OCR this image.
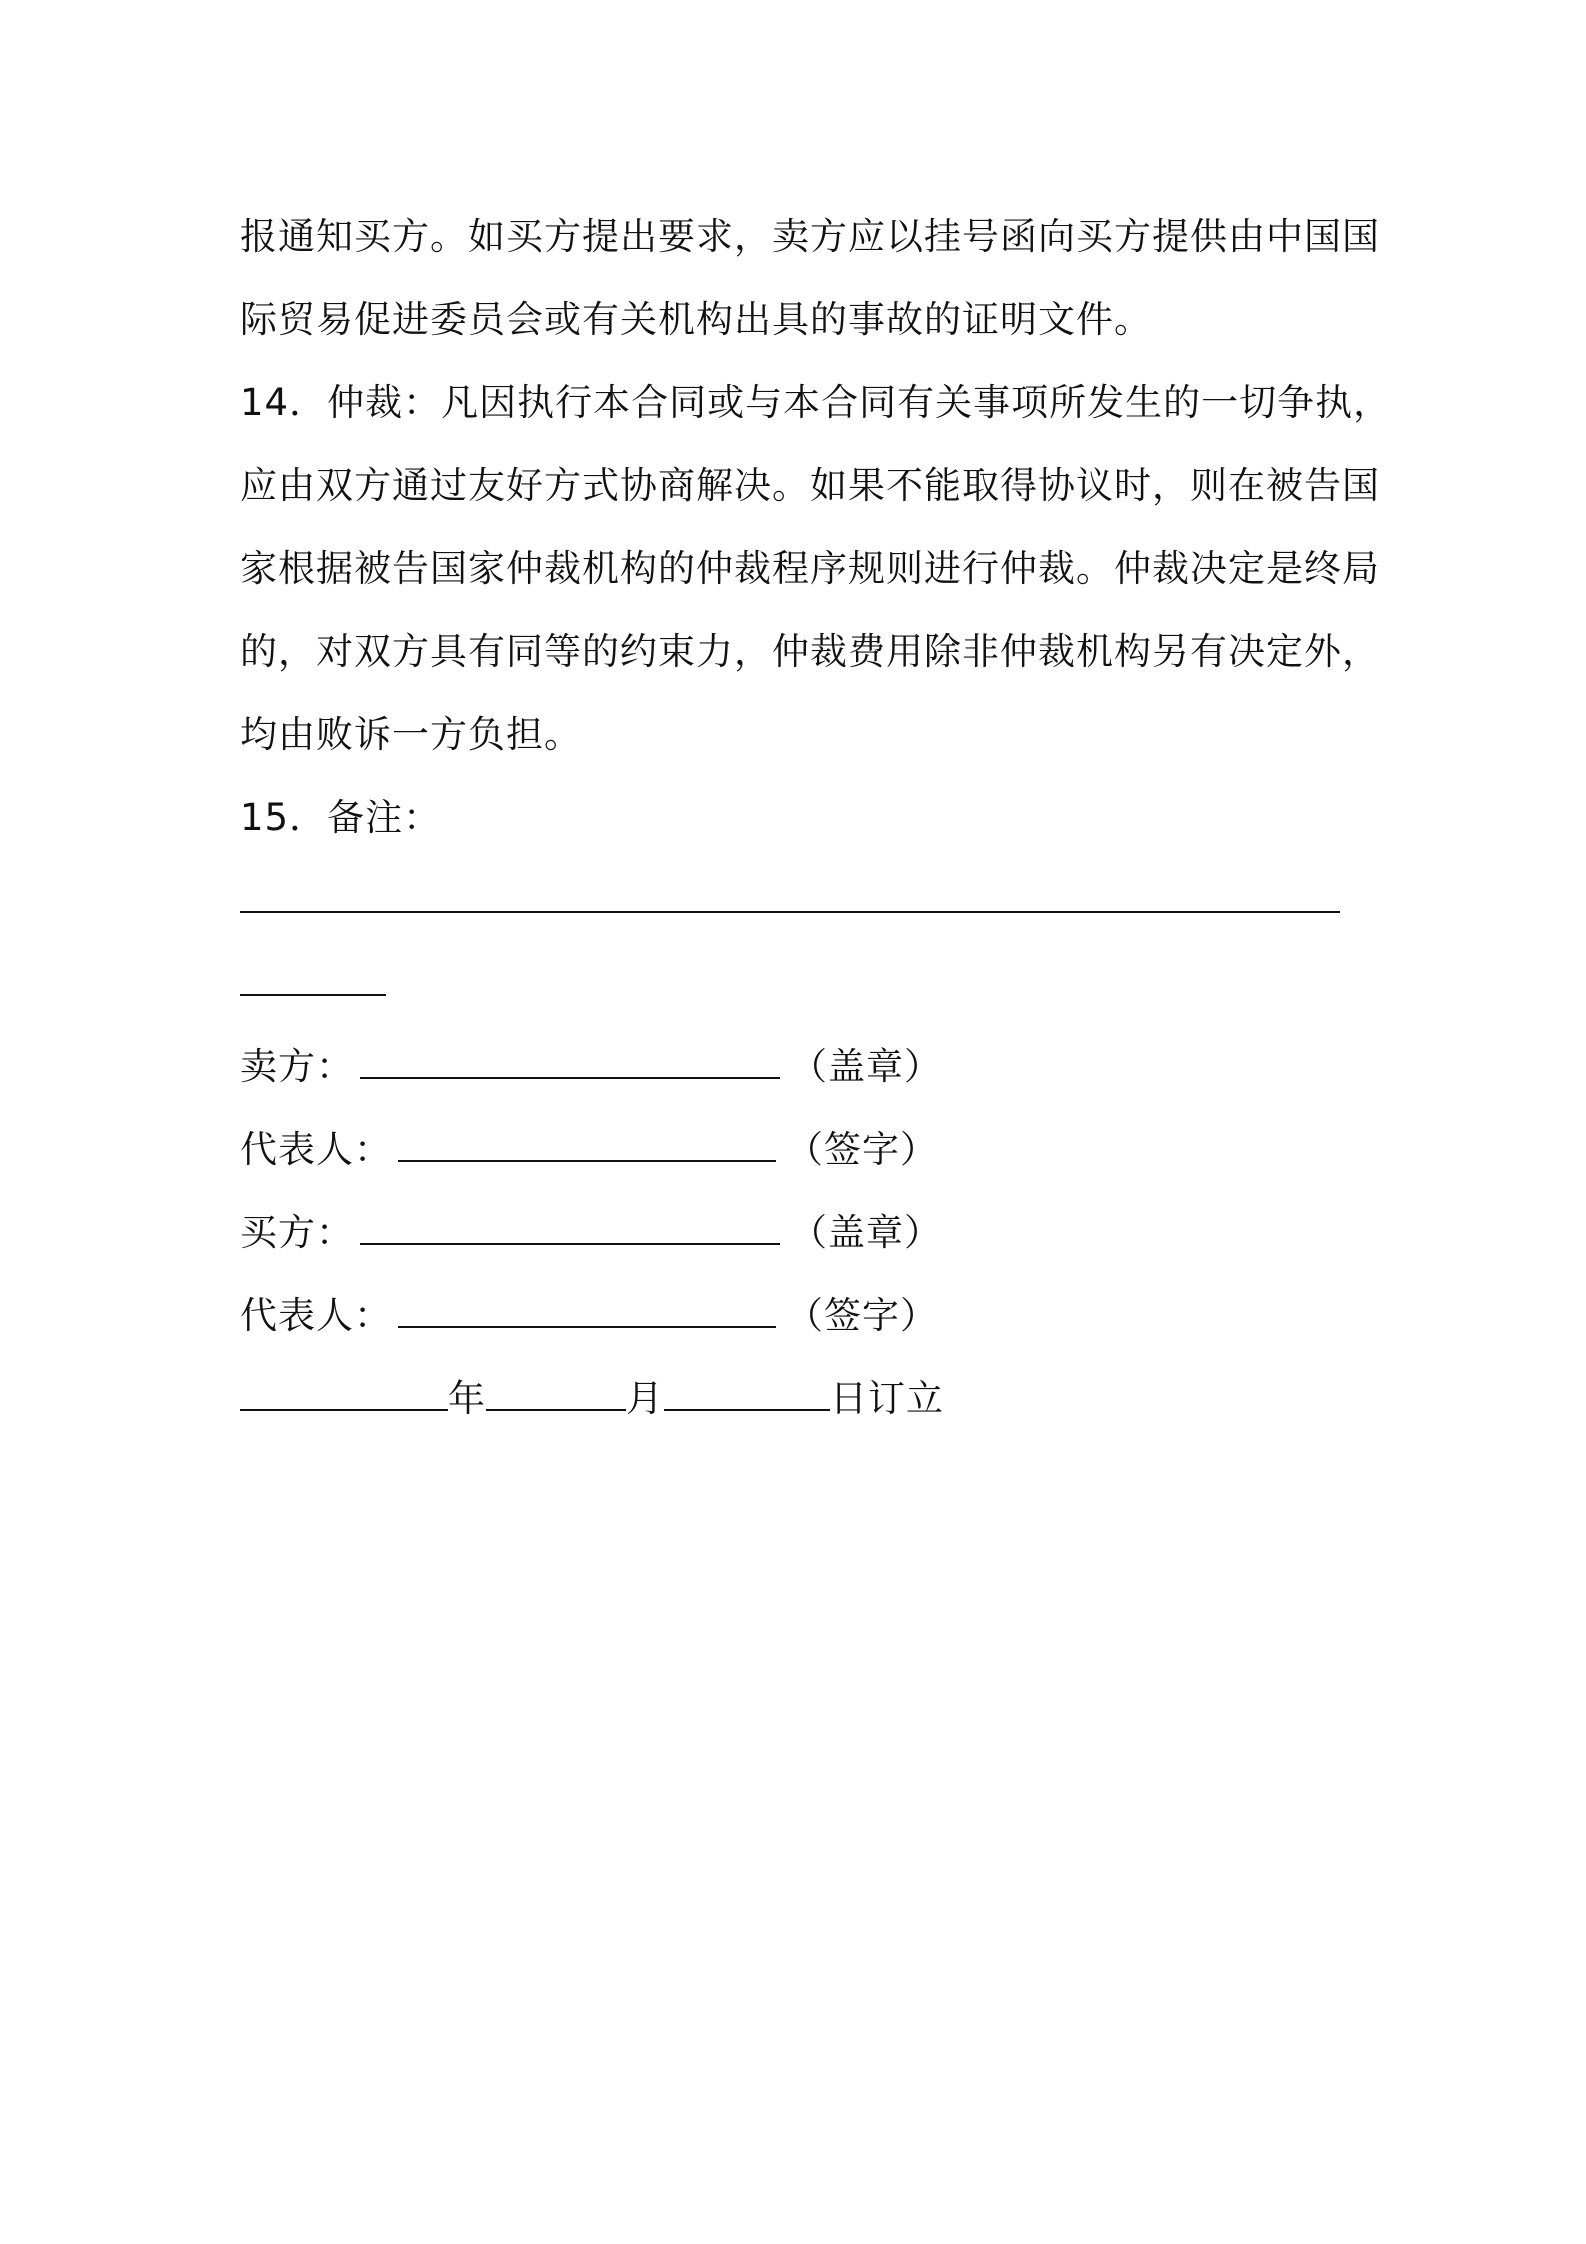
报通知买方。如买方提出要求，卖方应以挂号函向买方提供由中国国
际贸易促进委员会或有关机构出具的事故的证明文件。
14．仲裁：凡因执行本合同或与本合同有关事项所发生的一切争执，
应由双方通过友好方式协商解决。如果不能取得协议时，则在被告国
家根据被告国家仲裁机构的仲裁程序规则进行仲裁。仲裁决定是终局
的，对双方具有同等的约束力，仲裁费用除非仲裁机构另有决定外，
均由败诉一方负担。
15．备注：
卖方：	（盖章）
代表人：	（签字）
买方：	（盖章）
代表人：	（签字）
年	月	日订立
